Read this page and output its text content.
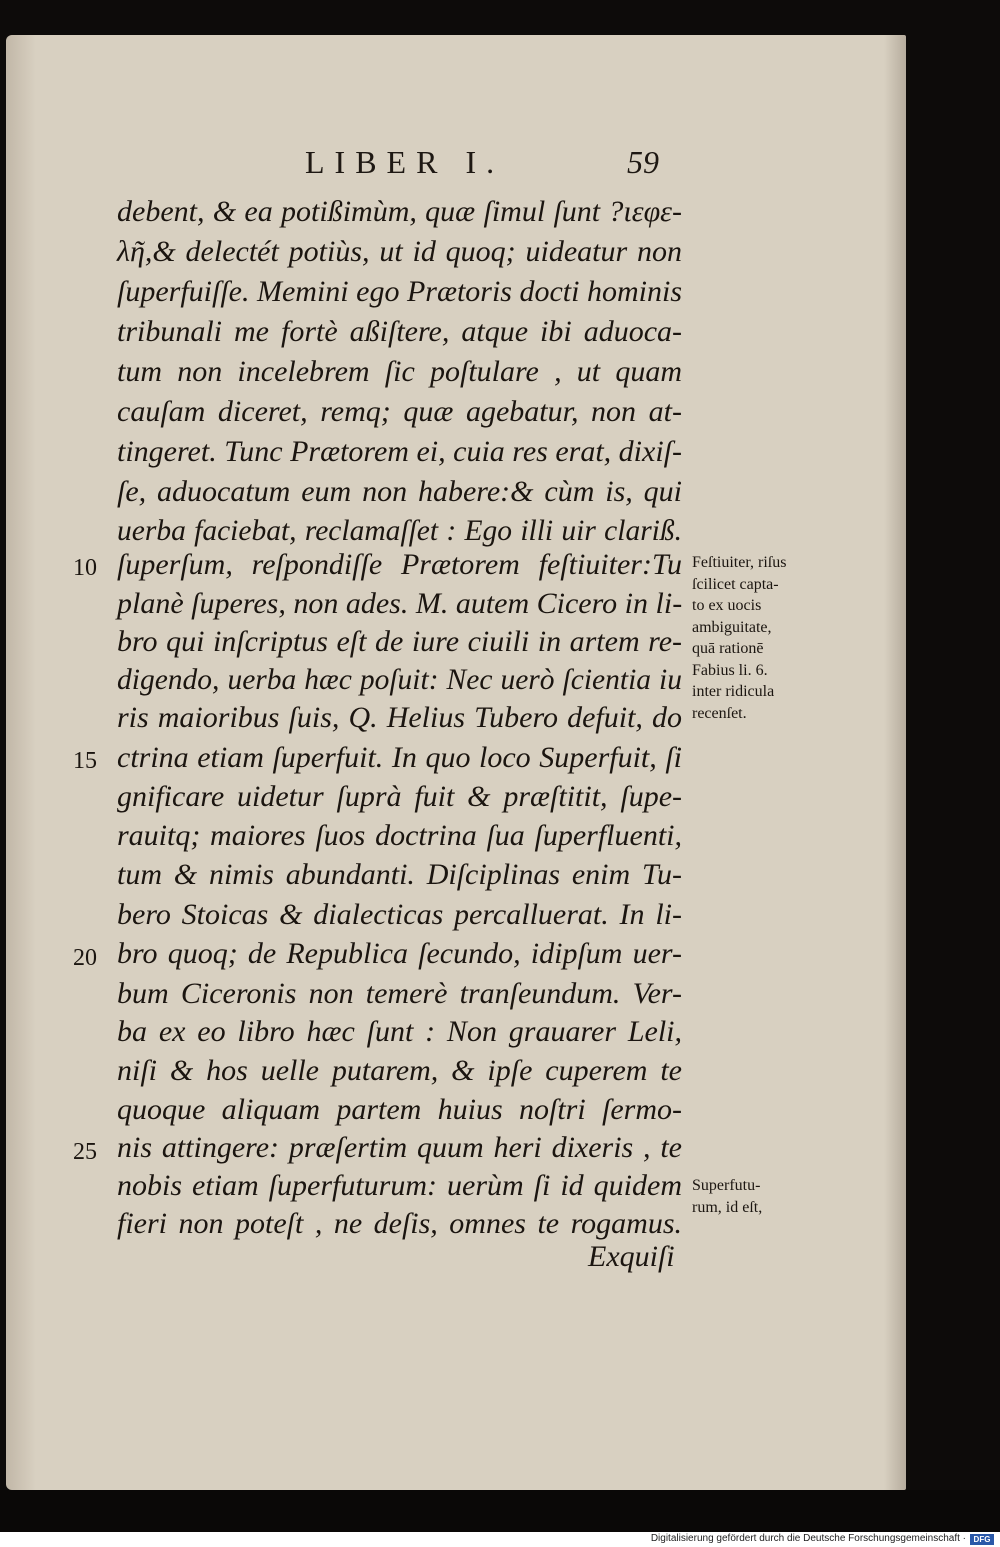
LIBER I.	59
debent, & ea potißimùm, quæ ſimul ſunt ?ιεφε-
λῆ,& delectét potiùs, ut id quoq; uideatur non
ſuperfuiſſe. Memini ego Prætoris docti hominis
tribunali me fortè aßiſtere, atque ibi aduoca-
tum non incelebrem ſic poſtulare , ut quam
cauſam diceret, remq; quæ agebatur, non at-
tingeret. Tunc Prætorem ei, cuia res erat, dixiſ-
ſe, aduocatum eum non habere:& cùm is, qui
uerba faciebat, reclamaſſet : Ego illi uir clariß.
ſuperſum, reſpondiſſe Prætorem feſtiuiter:Tu
planè ſuperes, non ades. M. autem Cicero in li-
bro qui inſcriptus eſt de iure ciuili in artem re-
digendo, uerba hæc poſuit: Nec uerò ſcientia iu
ris maioribus ſuis, Q. Helius Tubero defuit, do
ctrina etiam ſuperfuit. In quo loco Superfuit, ſi
gnificare uidetur ſuprà fuit & præſtitit, ſupe-
rauitq; maiores ſuos doctrina ſua ſuperfluenti,
tum & nimis abundanti. Diſciplinas enim Tu-
bero Stoicas & dialecticas percalluerat. In li-
bro quoq; de Republica ſecundo, idipſum uer-
bum Ciceronis non temerè tranſeundum. Ver-
ba ex eo libro hæc ſunt : Non grauarer Leli,
niſi & hos uelle putarem, & ipſe cuperem te
quoque aliquam partem huius noſtri ſermo-
nis attingere: præſertim quum heri dixeris , te
nobis etiam ſuperfuturum: uerùm ſi id quidem
fieri non poteſt , ne deſis, omnes te rogamus.
Exquiſi
10
15
20
25
Feſtiuiter, riſus
ſcilicet capta-
to ex uocis
ambiguitate,
quā rationē
Fabius li. 6.
inter ridicula
recenſet.
Superfutu-
rum, id eſt,
Digitalisierung gefördert durch die Deutsche Forschungsgemeinschaft · DFG
